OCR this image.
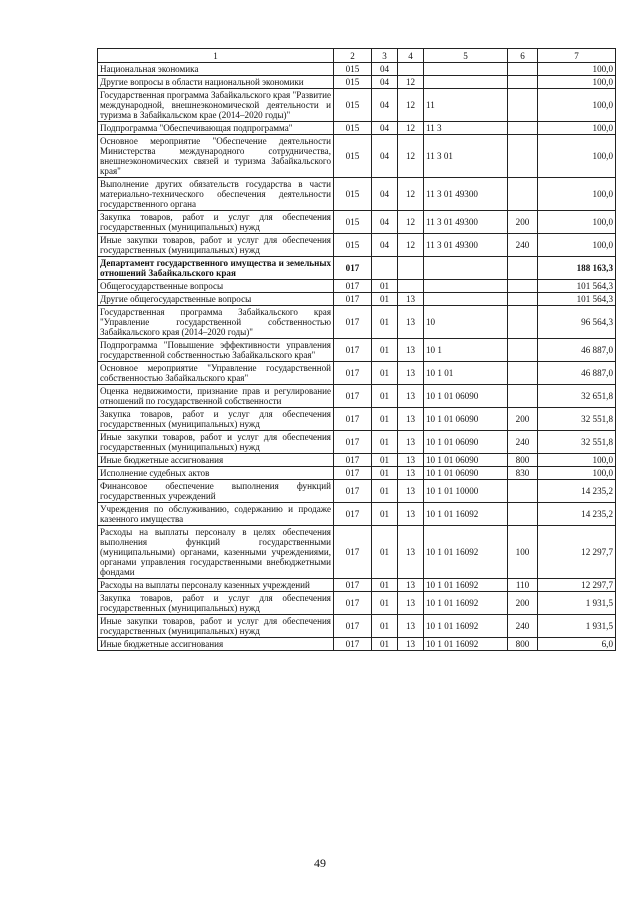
1	2	3	4	5	6	7
Национальная экономика	015	04				100,0
Другие вопросы в области национальной экономики	015	04	12			100,0
Государственная программа Забайкальского края "Развитие международной, внешнеэкономической деятельности и туризма в Забайкальском крае (2014–2020 годы)"	015	04	12	11		100,0
Подпрограмма "Обеспечивающая подпрограмма"	015	04	12	11 3		100,0
Основное мероприятие "Обеспечение деятельности Министерства международного сотрудничества, внешнеэкономических связей и туризма Забайкальского края"	015	04	12	11 3 01		100,0
Выполнение других обязательств государства в части материально-технического обеспечения деятельности государственного органа	015	04	12	11 3 01 49300		100,0
Закупка товаров, работ и услуг для обеспечения государственных (муниципальных) нужд	015	04	12	11 3 01 49300	200	100,0
Иные закупки товаров, работ и услуг для обеспечения государственных (муниципальных) нужд	015	04	12	11 3 01 49300	240	100,0
Департамент государственного имущества и земельных отношений Забайкальского края	017					188 163,3
Общегосударственные вопросы	017	01				101 564,3
Другие общегосударственные вопросы	017	01	13			101 564,3
Государственная программа Забайкальского края "Управление государственной собственностью Забайкальского края (2014–2020 годы)"	017	01	13	10		96 564,3
Подпрограмма "Повышение эффективности управления государственной собственностью Забайкальского края"	017	01	13	10 1		46 887,0
Основное мероприятие "Управление государственной собственностью Забайкальского края"	017	01	13	10 1 01		46 887,0
Оценка недвижимости, признание прав и регулирование отношений по государственной собственности	017	01	13	10 1 01 06090		32 651,8
Закупка товаров, работ и услуг для обеспечения государственных (муниципальных) нужд	017	01	13	10 1 01 06090	200	32 551,8
Иные закупки товаров, работ и услуг для обеспечения государственных (муниципальных) нужд	017	01	13	10 1 01 06090	240	32 551,8
Иные бюджетные ассигнования	017	01	13	10 1 01 06090	800	100,0
Исполнение судебных актов	017	01	13	10 1 01 06090	830	100,0
Финансовое обеспечение выполнения функций государственных учреждений	017	01	13	10 1 01 10000		14 235,2
Учреждения по обслуживанию, содержанию и продаже казенного имущества	017	01	13	10 1 01 16092		14 235,2
Расходы на выплаты персоналу в целях обеспечения выполнения функций государственными (муниципальными) органами, казенными учреждениями, органами управления государственными внебюджетными фондами	017	01	13	10 1 01 16092	100	12 297,7
Расходы на выплаты персоналу казенных учреждений	017	01	13	10 1 01 16092	110	12 297,7
Закупка товаров, работ и услуг для обеспечения государственных (муниципальных) нужд	017	01	13	10 1 01 16092	200	1 931,5
Иные закупки товаров, работ и услуг для обеспечения государственных (муниципальных) нужд	017	01	13	10 1 01 16092	240	1 931,5
Иные бюджетные ассигнования	017	01	13	10 1 01 16092	800	6,0
49
